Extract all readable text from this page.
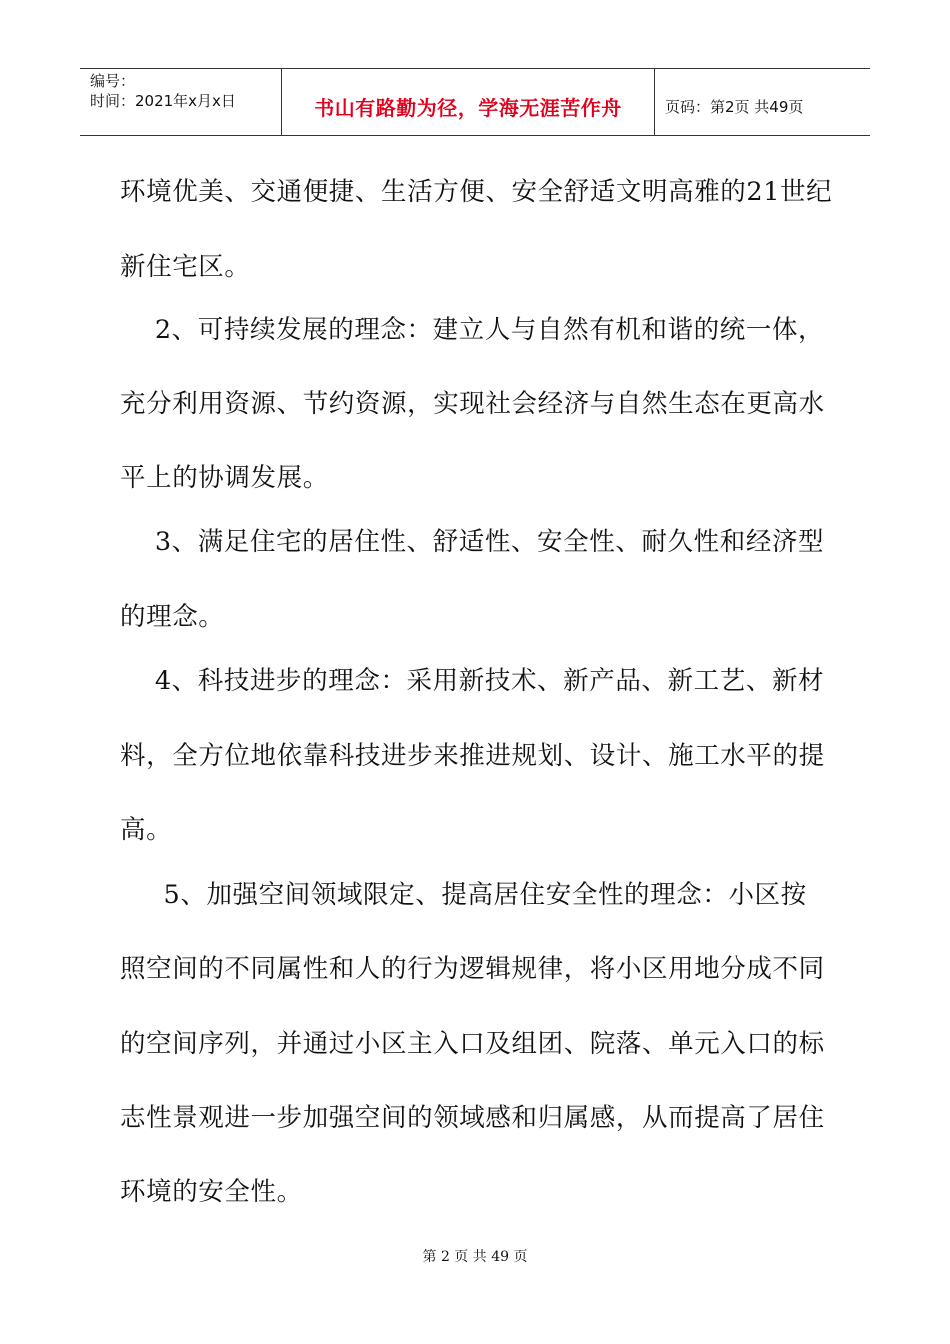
编号：
时间：2021年x月x日	书山有路勤为径，学海无涯苦作舟	页码：第2页 共49页
环境优美、交通便捷、生活方便、安全舒适文明高雅的21世纪
新住宅区。
2、可持续发展的理念：建立人与自然有机和谐的统一体，
充分利用资源、节约资源，实现社会经济与自然生态在更高水
平上的协调发展。
3、满足住宅的居住性、舒适性、安全性、耐久性和经济型
的理念。
4、科技进步的理念：采用新技术、新产品、新工艺、新材
料，全方位地依靠科技进步来推进规划、设计、施工水平的提
高。
5、加强空间领域限定、提高居住安全性的理念：小区按
照空间的不同属性和人的行为逻辑规律，将小区用地分成不同
的空间序列，并通过小区主入口及组团、院落、单元入口的标
志性景观进一步加强空间的领域感和归属感，从而提高了居住
环境的安全性。
第 2 页 共 49 页
